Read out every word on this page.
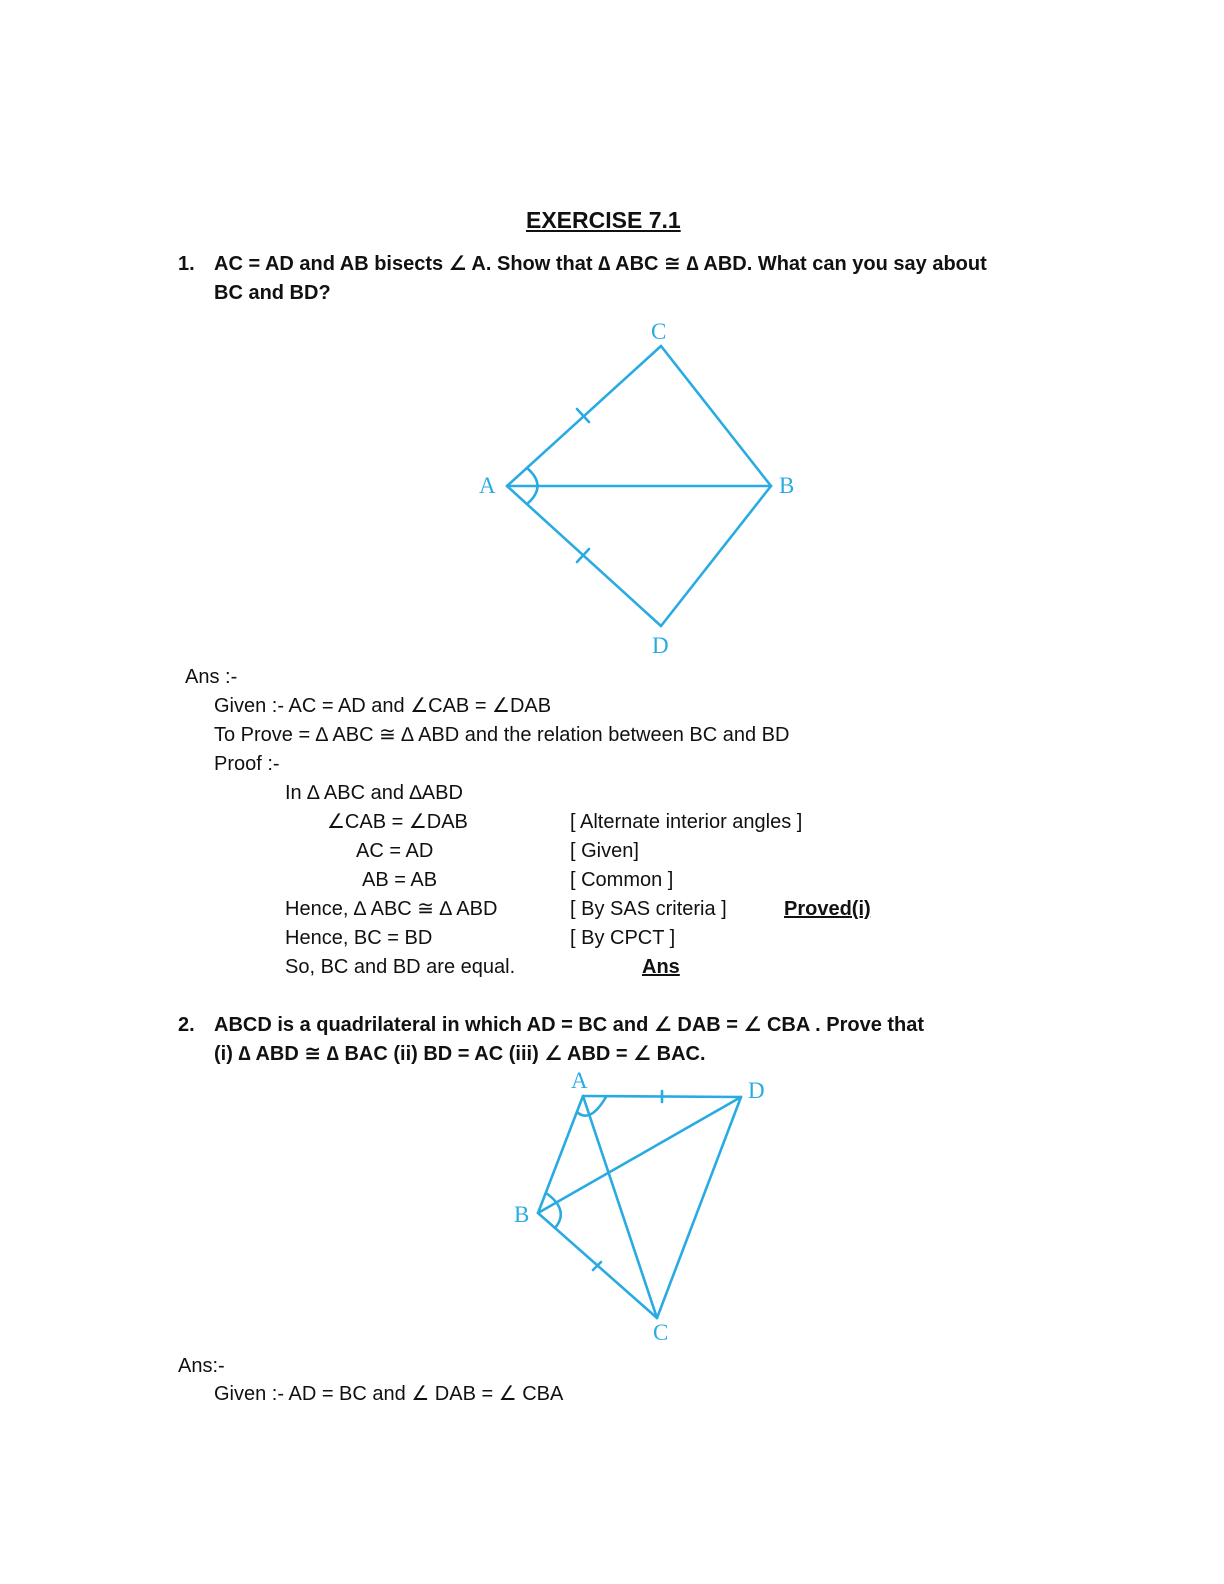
EXERCISE 7.1
1. AC = AD and AB bisects ∠ A. Show that ∆ ABC ≅ ∆ ABD. What can you say about
BC and BD?
C
A	B
D
Ans :-
Given :- AC = AD and ∠CAB = ∠DAB
To Prove = ∆ ABC ≅ ∆ ABD and the relation between BC and BD
Proof :-
In ∆ ABC and ∆ABD
∠CAB = ∠DAB	[ Alternate interior angles ]
AC = AD	[ Given]
AB = AB	[ Common ]
Hence, ∆ ABC ≅ ∆ ABD	[ By SAS criteria ]	Proved(i)
Hence, BC = BD	[ By CPCT ]
So, BC and BD are equal.	Ans
2. ABCD is a quadrilateral in which AD = BC and ∠ DAB = ∠ CBA . Prove that
(i) ∆ ABD ≅ ∆ BAC (ii) BD = AC (iii) ∠ ABD = ∠ BAC.
A	D
B
C
Ans:-
Given :- AD = BC and ∠ DAB = ∠ CBA
